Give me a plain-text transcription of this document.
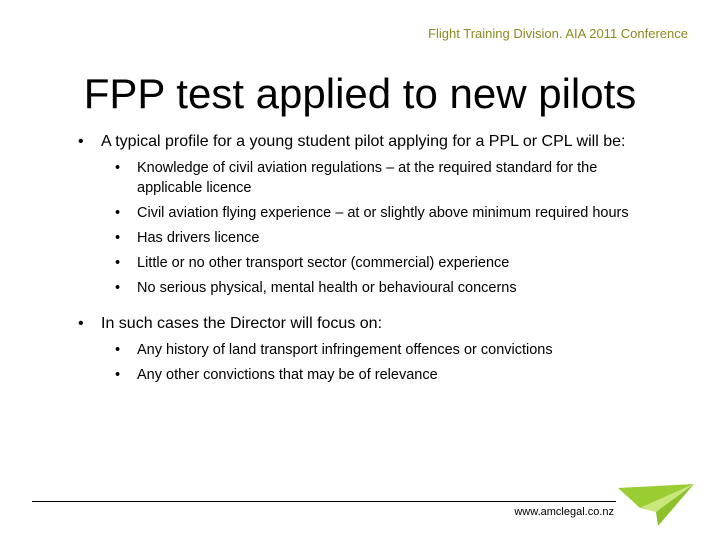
Flight Training Division. AIA 2011 Conference
FPP test applied to new pilots
• A typical profile for a young student pilot applying for a PPL or CPL will be:
• Knowledge of civil aviation regulations – at the required standard for the applicable licence
• Civil aviation flying experience – at or slightly above minimum required hours
• Has drivers licence
• Little or no other transport sector (commercial) experience
• No serious physical, mental health or behavioural concerns
• In such cases the Director will focus on:
• Any history of land transport infringement offences or convictions
• Any other convictions that may be of relevance
www.amclegal.co.nz
